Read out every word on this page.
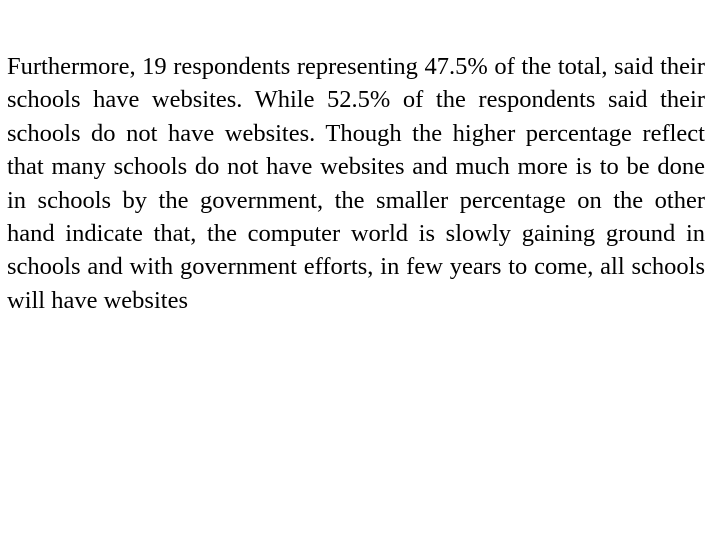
Furthermore, 19 respondents representing 47.5% of the total, said their schools have websites. While 52.5% of the respondents said their schools do not have websites. Though the higher percentage reflect that many schools do not have websites and much more is to be done in schools by the government, the smaller percentage on the other hand indicate that, the computer world is slowly gaining ground in schools and with government efforts, in few years to come, all schools will have websites
